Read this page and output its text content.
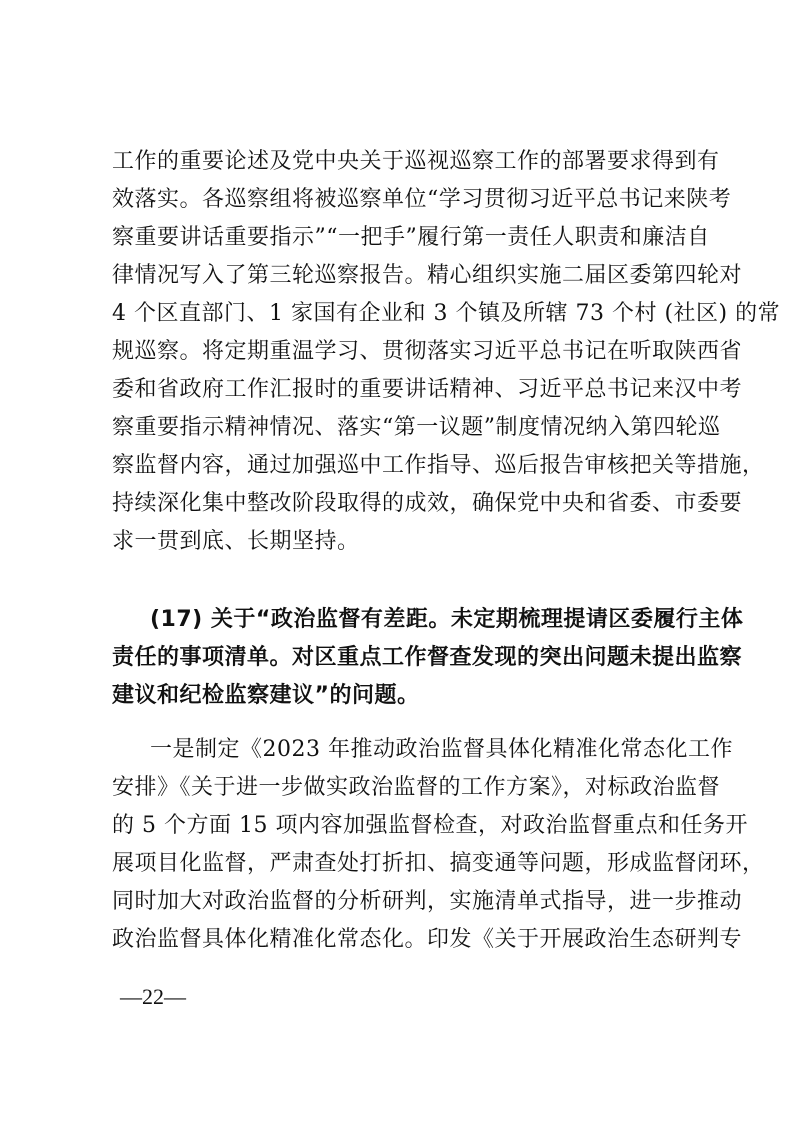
工作的重要论述及党中央关于巡视巡察工作的部署要求得到有
效落实。各巡察组将被巡察单位“学习贯彻习近平总书记来陕考
察重要讲话重要指示”“一把手”履行第一责任人职责和廉洁自
律情况写入了第三轮巡察报告。精心组织实施二届区委第四轮对
4 个区直部门、1 家国有企业和 3 个镇及所辖 73 个村 (社区) 的常
规巡察。将定期重温学习、贯彻落实习近平总书记在听取陕西省
委和省政府工作汇报时的重要讲话精神、习近平总书记来汉中考
察重要指示精神情况、落实“第一议题”制度情况纳入第四轮巡
察监督内容，通过加强巡中工作指导、巡后报告审核把关等措施，
持续深化集中整改阶段取得的成效，确保党中央和省委、市委要
求一贯到底、长期坚持。
(17) 关于“政治监督有差距。未定期梳理提请区委履行主体
责任的事项清单。对区重点工作督查发现的突出问题未提出监察
建议和纪检监察建议”的问题。
一是制定《2023 年推动政治监督具体化精准化常态化工作
安排》《关于进一步做实政治监督的工作方案》，对标政治监督
的 5 个方面 15 项内容加强监督检查，对政治监督重点和任务开
展项目化监督，严肃查处打折扣、搞变通等问题，形成监督闭环，
同时加大对政治监督的分析研判，实施清单式指导，进一步推动
政治监督具体化精准化常态化。印发《关于开展政治生态研判专
—22—
